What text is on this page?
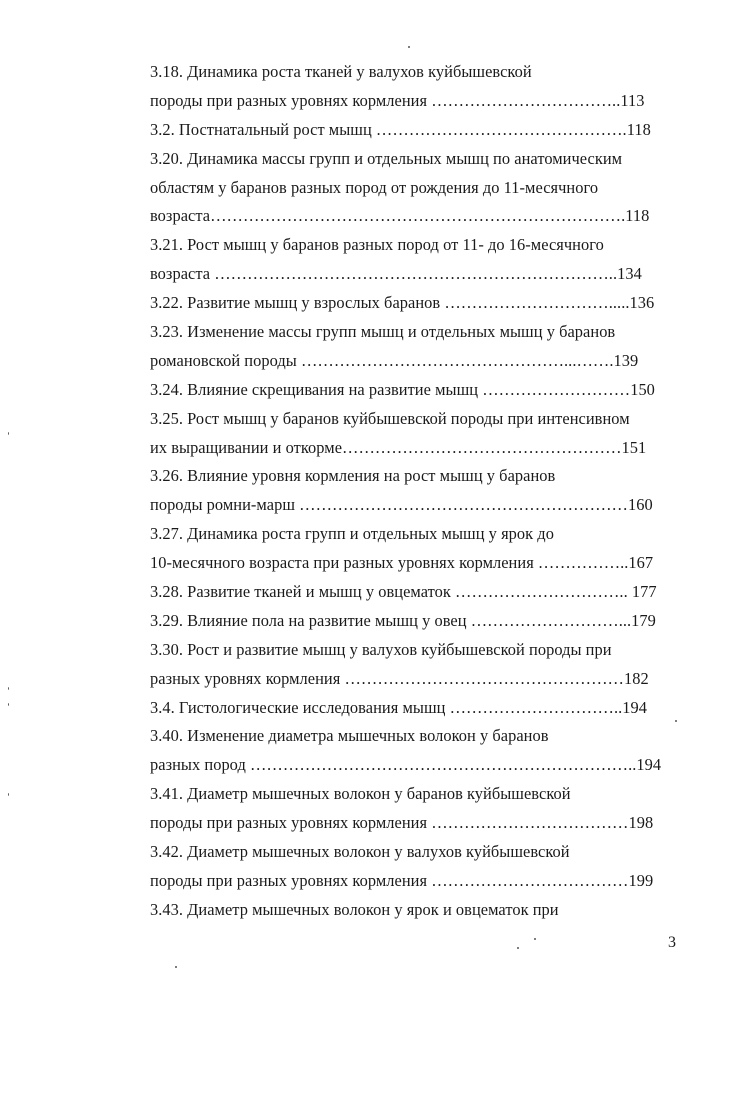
3.18. Динамика роста тканей у валухов куйбышевской
породы при разных уровнях кормления ……………………………..113
3.2. Постнатальный рост мышц ……………………………………….118
3.20. Динамика массы групп и отдельных мышц по анатомическим
областям у баранов разных пород от рождения до 11-месячного
возраста………………………………………………………………….118
3.21. Рост мышц у баранов разных пород от 11- до 16-месячного
возраста ………………………………………………………………..134
3.22. Развитие мышц у взрослых баранов ………………………….....136
3.23. Изменение массы групп мышц и отдельных мышц у баранов
романовской породы …………………………………………...…….139
3.24. Влияние скрещивания на развитие мышц ………………………150
3.25. Рост мышц у баранов куйбышевской породы при интенсивном
их выращивании и откорме……………………………………………151
3.26. Влияние уровня кормления на рост мышц у баранов
породы ромни-марш ……………………………………………………160
3.27. Динамика роста групп и отдельных мышц у ярок до
10-месячного возраста при разных уровнях кормления ……………..167
3.28. Развитие тканей и мышц у овцематок ………………………….. 177
3.29. Влияние пола на развитие мышц у овец ………………………...179
3.30. Рост и развитие мышц у валухов куйбышевской породы при
разных уровнях кормления ……………………………………………182
3.4. Гистологические исследования мышц …………………………..194
3.40. Изменение диаметра мышечных волокон у баранов
разных пород ……………………………………………………………..194
3.41. Диаметр мышечных волокон у баранов куйбышевской
породы при разных уровнях кормления ………………………………198
3.42. Диаметр мышечных волокон у валухов куйбышевской
породы при разных уровнях кормления ………………………………199
3.43. Диаметр мышечных волокон у ярок и овцематок при
3
